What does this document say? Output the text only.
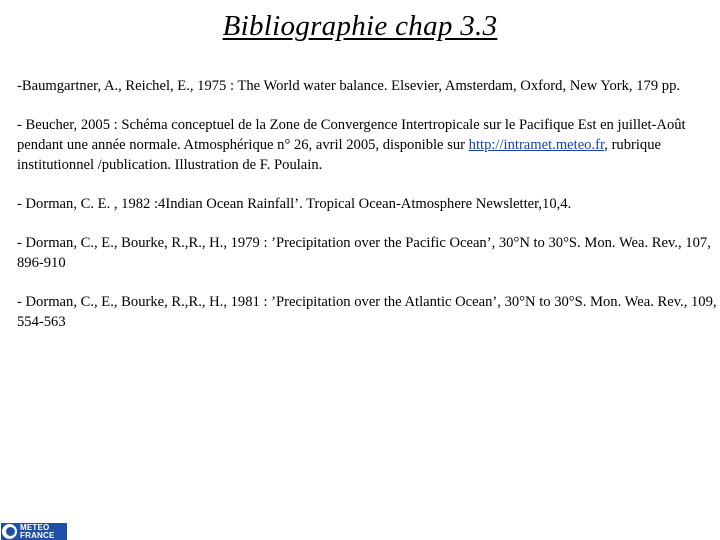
Bibliographie chap 3.3

-Baumgartner, A., Reichel, E., 1975 : The World water balance. Elsevier, Amsterdam, Oxford, New York, 179 pp.

- Beucher, 2005 : Schéma conceptuel de la Zone de Convergence Intertropicale sur le Pacifique Est en juillet-Août pendant une année normale. Atmosphérique n° 26, avril 2005, disponible sur http://intramet.meteo.fr, rubrique institutionnel /publication. Illustration de F. Poulain.

- Dorman, C. E. , 1982 :4Indian Ocean Rainfall’. Tropical Ocean-Atmosphere Newsletter,10,4.

- Dorman, C., E., Bourke, R.,R., H., 1979 : ’Precipitation over the Pacific Ocean’, 30°N to 30°S. Mon. Wea. Rev., 107, 896-910

- Dorman, C., E., Bourke, R.,R., H., 1981 : ’Precipitation over the Atlantic Ocean’, 30°N to 30°S. Mon. Wea. Rev., 109, 554-563

METEO
FRANCE
